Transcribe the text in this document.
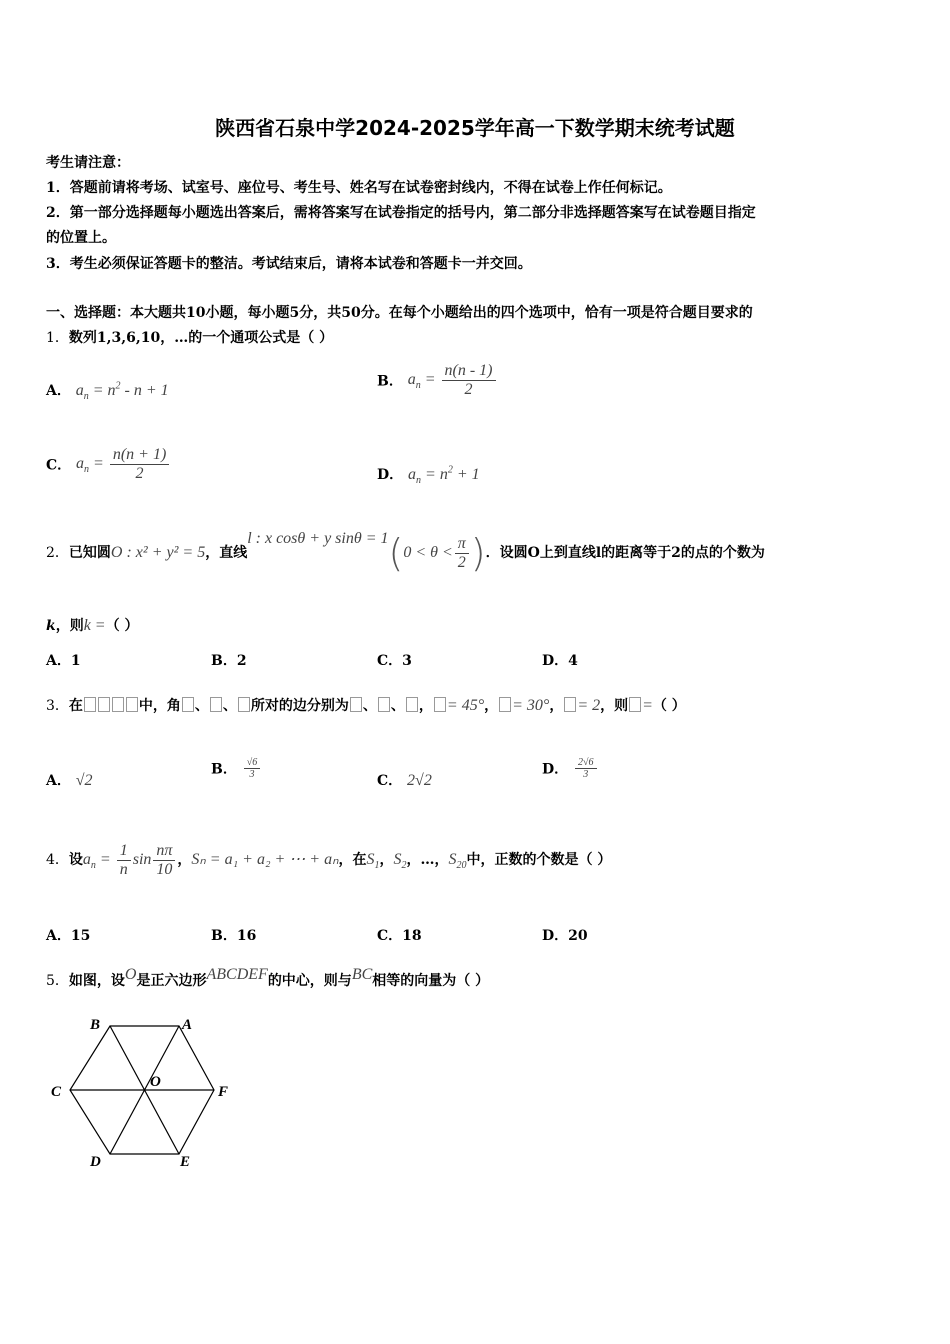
陕西省石泉中学2024-2025学年高一下数学期末统考试题
考生请注意：
1．答题前请将考场、试室号、座位号、考生号、姓名写在试卷密封线内，不得在试卷上作任何标记。
2．第一部分选择题每小题选出答案后，需将答案写在试卷指定的括号内，第二部分非选择题答案写在试卷题目指定
的位置上。
3．考生必须保证答题卡的整洁。考试结束后，请将本试卷和答题卡一并交回。
一、选择题：本大题共10小题，每小题5分，共50分。在每个小题给出的四个选项中，恰有一项是符合题目要求的
1．数列1,3,6,10，…的一个通项公式是（ ）
A． $a_n = n^2 - n + 1$
B． $a_n = \frac{n(n - 1)}{2}$
C． $a_n = \frac{n(n + 1)}{2}$	D． $a_n = n^2 + 1$
2．已知圆O : x² + y² = 5，直线l : x cosθ + y $\sin\theta = 1(0 < \theta < \frac{\pi}{2}$ )．设圆O上到直线l的距离等于2的点的个数为
k，则k =（ ）
A．1	B．2	C．3	D．4
3．在	中，角 、 、 所对的边分别为 、 、 ， = 45°， = 30°， = 2，则 =（ ）
A． √2
B． $\frac{√6}{3}$
C． 2√2
D． $\frac{2√6}{3}$
4．设$a_n = \frac{1}{n}$ $\sin \frac{n\pi}{10}$ ，Sₙ = a₁ + a₂ + ⋯ + aₙ，在$S_1$，$S_2$，…，$S_{20}$中，正数的个数是（ ）
A．15	B．16	C．18	D．20
5．如图，设O是正六边形ABCDEF的中心，则与BC相等的向量为（ ）
B	A
C	F
O
D	E
